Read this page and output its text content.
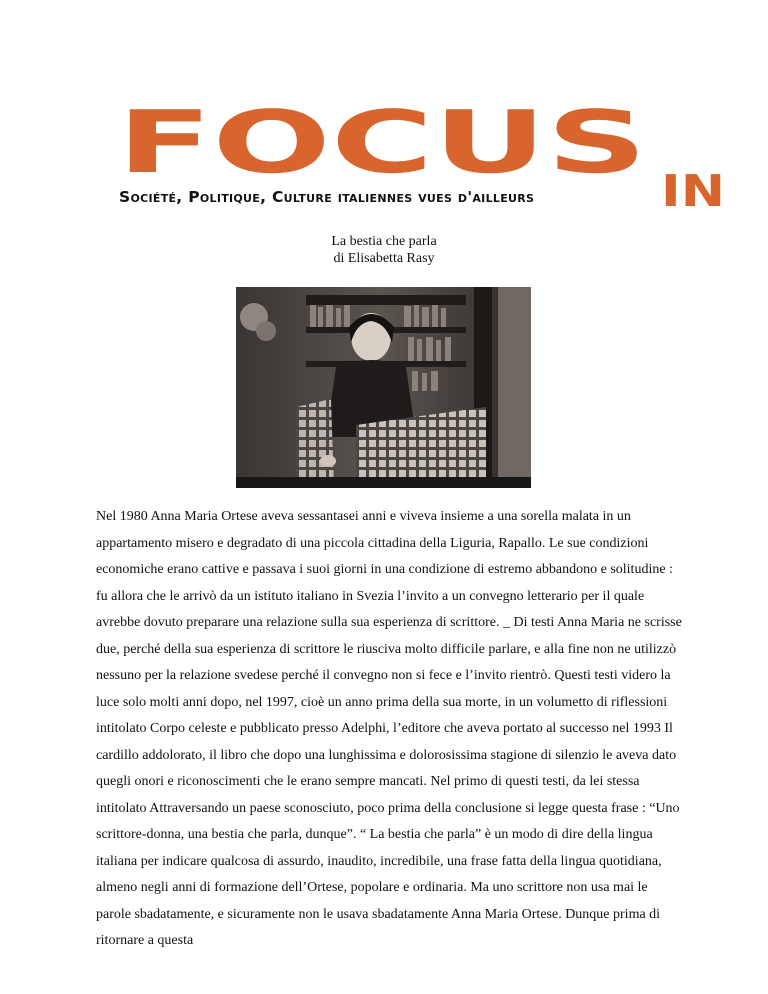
FOCUS IN
Société, Politique, Culture italiennes vues d'ailleurs
La bestia che parla
di Elisabetta Rasy

Nel 1980 Anna Maria Ortese aveva sessantasei anni e viveva insieme a una sorella malata in un appartamento misero e degradato di una piccola cittadina della Liguria, Rapallo. Le sue condizioni economiche erano cattive e passava i suoi giorni in una condizione di estremo abbandono e solitudine : fu allora che le arrivò da un istituto italiano in Svezia l’invito a un convegno letterario per il quale avrebbe dovuto preparare una relazione sulla sua esperienza di scrittore. _ Di testi Anna Maria ne scrisse due, perché della sua esperienza di scrittore le riusciva molto difficile parlare, e alla fine non ne utilizzò nessuno per la relazione svedese perché il convegno non si fece e l’invito rientrò. Questi testi videro la luce solo molti anni dopo, nel 1997, cioè un anno prima della sua morte, in un volumetto di riflessioni intitolato Corpo celeste e pubblicato presso Adelphi, l’editore che aveva portato al successo nel 1993 Il cardillo addolorato, il libro che dopo una lunghissima e dolorosissima stagione di silenzio le aveva dato quegli onori e riconoscimenti che le erano sempre mancati. Nel primo di questi testi, da lei stessa intitolato Attraversando un paese sconosciuto, poco prima della conclusione si legge questa frase : “Uno scrittore-donna, una bestia che parla, dunque”. “ La bestia che parla” è un modo di dire della lingua italiana per indicare qualcosa di assurdo, inaudito, incredibile, una frase fatta della lingua quotidiana, almeno negli anni di formazione dell’Ortese, popolare e ordinaria. Ma uno scrittore non usa mai le parole sbadatamente, e sicuramente non le usava sbadatamente Anna Maria Ortese. Dunque prima di ritornare a questa
